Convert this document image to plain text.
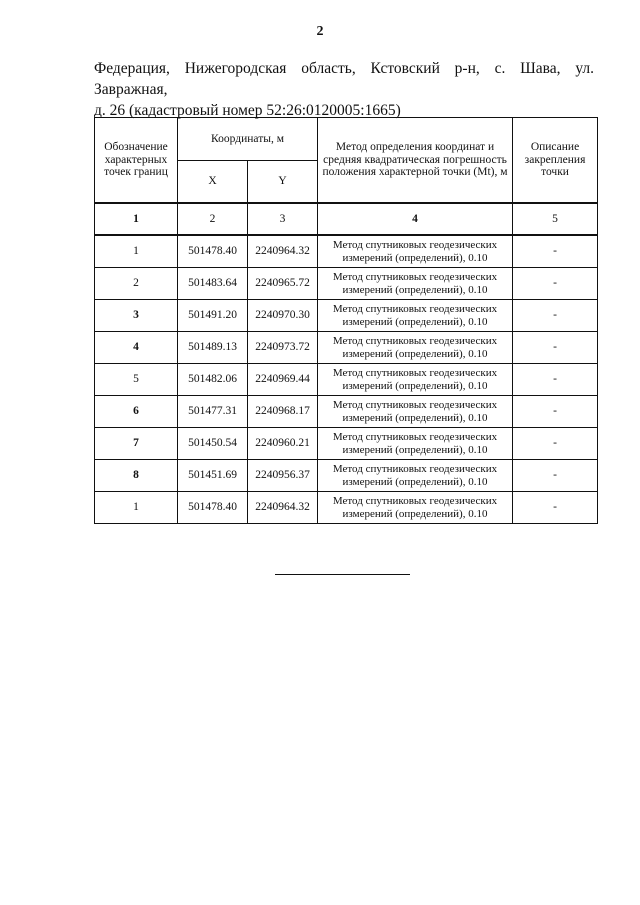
2
Федерация, Нижегородская область, Кстовский р-н, с. Шава, ул. Завражная,
д. 26 (кадастровый номер 52:26:0120005:1665)
Обозначение характерных точек границ	Координаты, м		Метод определения координат и средняя квадратическая погрешность положения характерной точки (Mt), м	Описание закрепления точки
	X	Y		
1	2	3	4	5
1	501478.40	2240964.32	Метод спутниковых геодезических измерений (определений), 0.10	-
2	501483.64	2240965.72	Метод спутниковых геодезических измерений (определений), 0.10	-
3	501491.20	2240970.30	Метод спутниковых геодезических измерений (определений), 0.10	-
4	501489.13	2240973.72	Метод спутниковых геодезических измерений (определений), 0.10	-
5	501482.06	2240969.44	Метод спутниковых геодезических измерений (определений), 0.10	-
6	501477.31	2240968.17	Метод спутниковых геодезических измерений (определений), 0.10	-
7	501450.54	2240960.21	Метод спутниковых геодезических измерений (определений), 0.10	-
8	501451.69	2240956.37	Метод спутниковых геодезических измерений (определений), 0.10	-
1	501478.40	2240964.32	Метод спутниковых геодезических измерений (определений), 0.10	-
